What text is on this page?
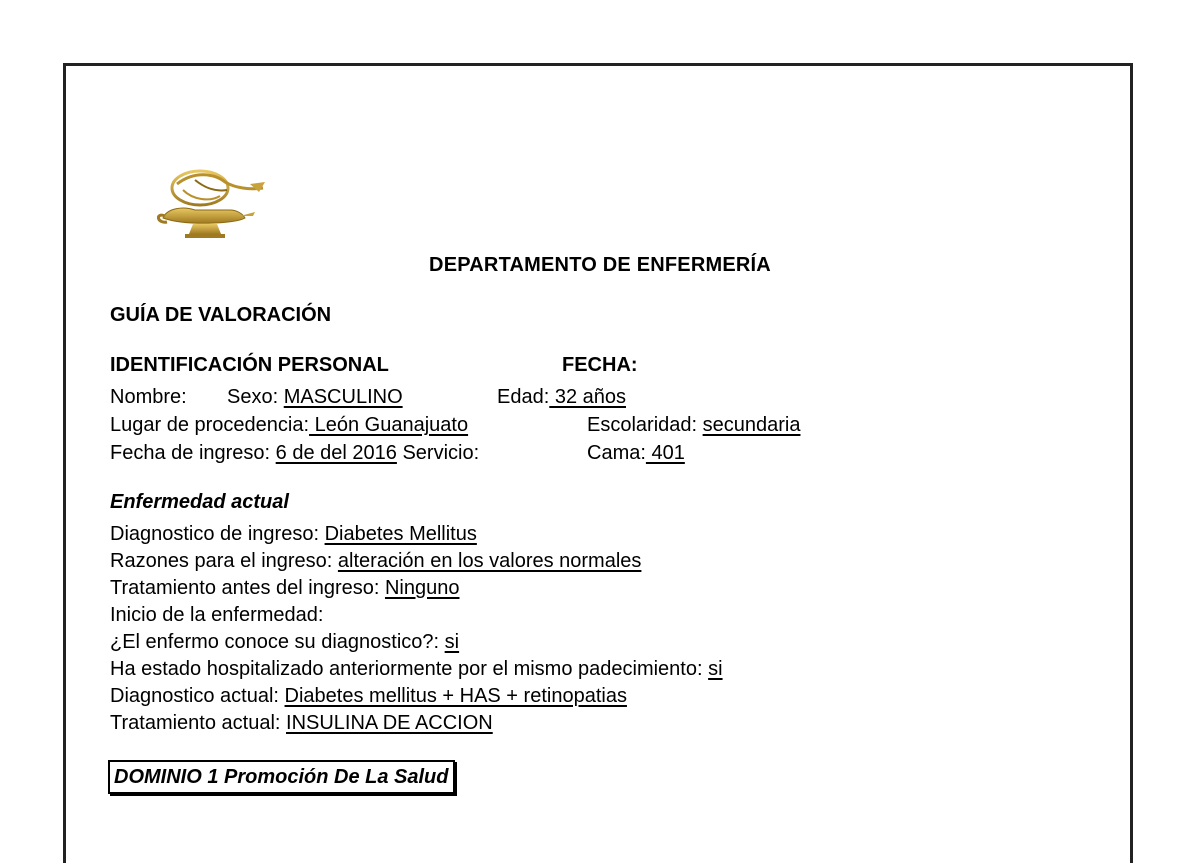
DEPARTAMENTO DE ENFERMERÍA
GUÍA DE VALORACIÓN
IDENTIFICACIÓN PERSONAL	FECHA:
Nombre: Sexo: MASCULINO	Edad: 32 años
Lugar de procedencia: León Guanajuato	Escolaridad: secundaria
Fecha de ingreso: 6 de del 2016 Servicio:	Cama: 401
Enfermedad actual
Diagnostico de ingreso: Diabetes Mellitus
Razones para el ingreso: alteración en los valores normales
Tratamiento antes del ingreso: Ninguno
Inicio de la enfermedad:
¿El enfermo conoce su diagnostico?: si
Ha estado hospitalizado anteriormente por el mismo padecimiento: si
Diagnostico actual: Diabetes mellitus + HAS + retinopatias
Tratamiento actual: INSULINA DE ACCION
DOMINIO 1 Promoción De La Salud
